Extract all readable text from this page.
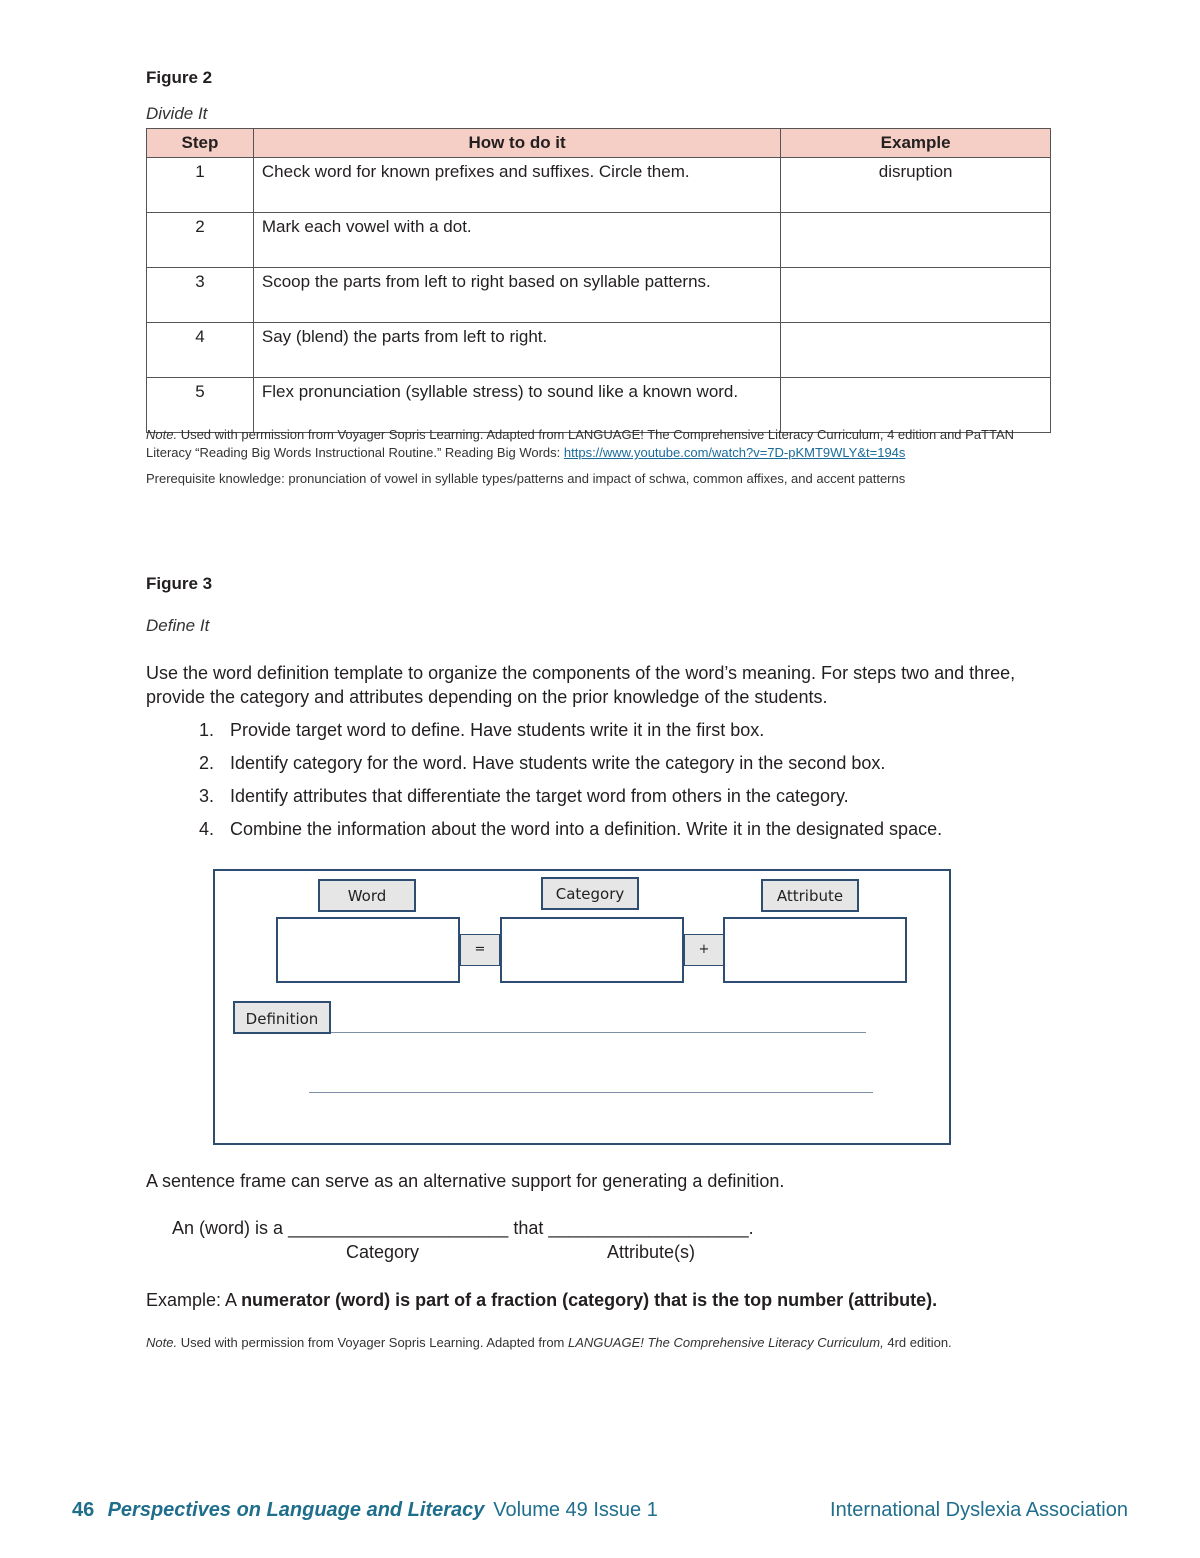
Figure 2
Divide It
Step	How to do it	Example
1	Check word for known prefixes and suffixes. Circle them.	disruption
2	Mark each vowel with a dot.	
3	Scoop the parts from left to right based on syllable patterns.	
4	Say (blend) the parts from left to right.	
5	Flex pronunciation (syllable stress) to sound like a known word.	
Note. Used with permission from Voyager Sopris Learning. Adapted from LANGUAGE! The Comprehensive Literacy Curriculum, 4 edition and PaTTAN
Literacy “Reading Big Words Instructional Routine.” Reading Big Words: https://www.youtube.com/watch?v=7D-pKMT9WLY&t=194s
Prerequisite knowledge: pronunciation of vowel in syllable types/patterns and impact of schwa, common affixes, and accent patterns
Figure 3
Define It
Use the word definition template to organize the components of the word’s meaning. For steps two and three,
provide the category and attributes depending on the prior knowledge of the students.
1. Provide target word to define. Have students write it in the first box.
2. Identify category for the word. Have students write the category in the second box.
3. Identify attributes that differentiate the target word from others in the category.
4. Combine the information about the word into a definition. Write it in the designated space.
Word	Category	Attribute
=	+
Definition
A sentence frame can serve as an alternative support for generating a definition.
An (word) is a ______________________ that ____________________.
Category	Attribute(s)
Example: A numerator (word) is part of a fraction (category) that is the top number (attribute).
Note. Used with permission from Voyager Sopris Learning. Adapted from LANGUAGE! The Comprehensive Literacy Curriculum, 4rd edition.
46 Perspectives on Language and Literacy Volume 49 Issue 1	International Dyslexia Association
